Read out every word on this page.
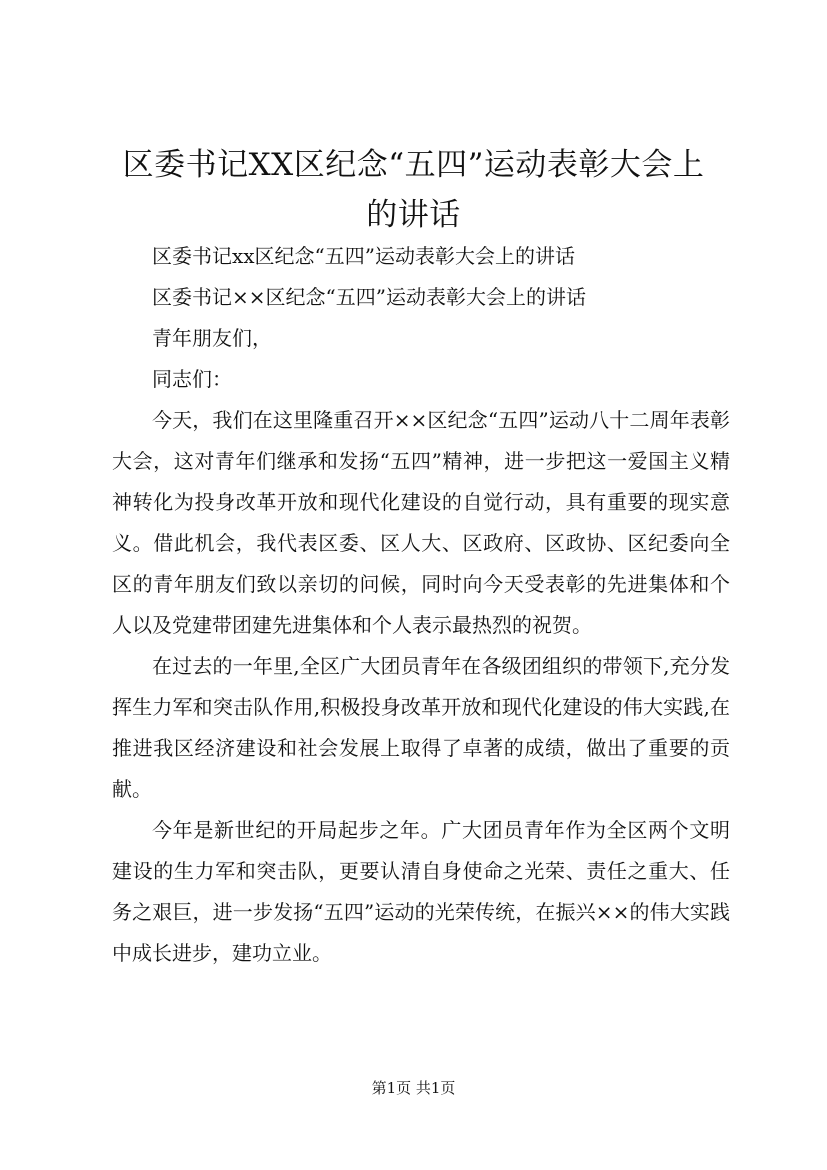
区委书记XX区纪念“五四”运动表彰大会上
的讲话

区委书记xx区纪念“五四”运动表彰大会上的讲话

区委书记××区纪念“五四”运动表彰大会上的讲话

青年朋友们，

同志们：

今天，我们在这里隆重召开××区纪念“五四”运动八十二周年表彰大会，这对青年们继承和发扬“五四”精神，进一步把这一爱国主义精神转化为投身改革开放和现代化建设的自觉行动，具有重要的现实意义。借此机会，我代表区委、区人大、区政府、区政协、区纪委向全区的青年朋友们致以亲切的问候，同时向今天受表彰的先进集体和个人以及党建带团建先进集体和个人表示最热烈的祝贺。

在过去的一年里,全区广大团员青年在各级团组织的带领下,充分发挥生力军和突击队作用,积极投身改革开放和现代化建设的伟大实践,在推进我区经济建设和社会发展上取得了卓著的成绩，做出了重要的贡献。

今年是新世纪的开局起步之年。广大团员青年作为全区两个文明建设的生力军和突击队，更要认清自身使命之光荣、责任之重大、任务之艰巨，进一步发扬“五四”运动的光荣传统，在振兴××的伟大实践中成长进步，建功立业。

第1页 共1页
